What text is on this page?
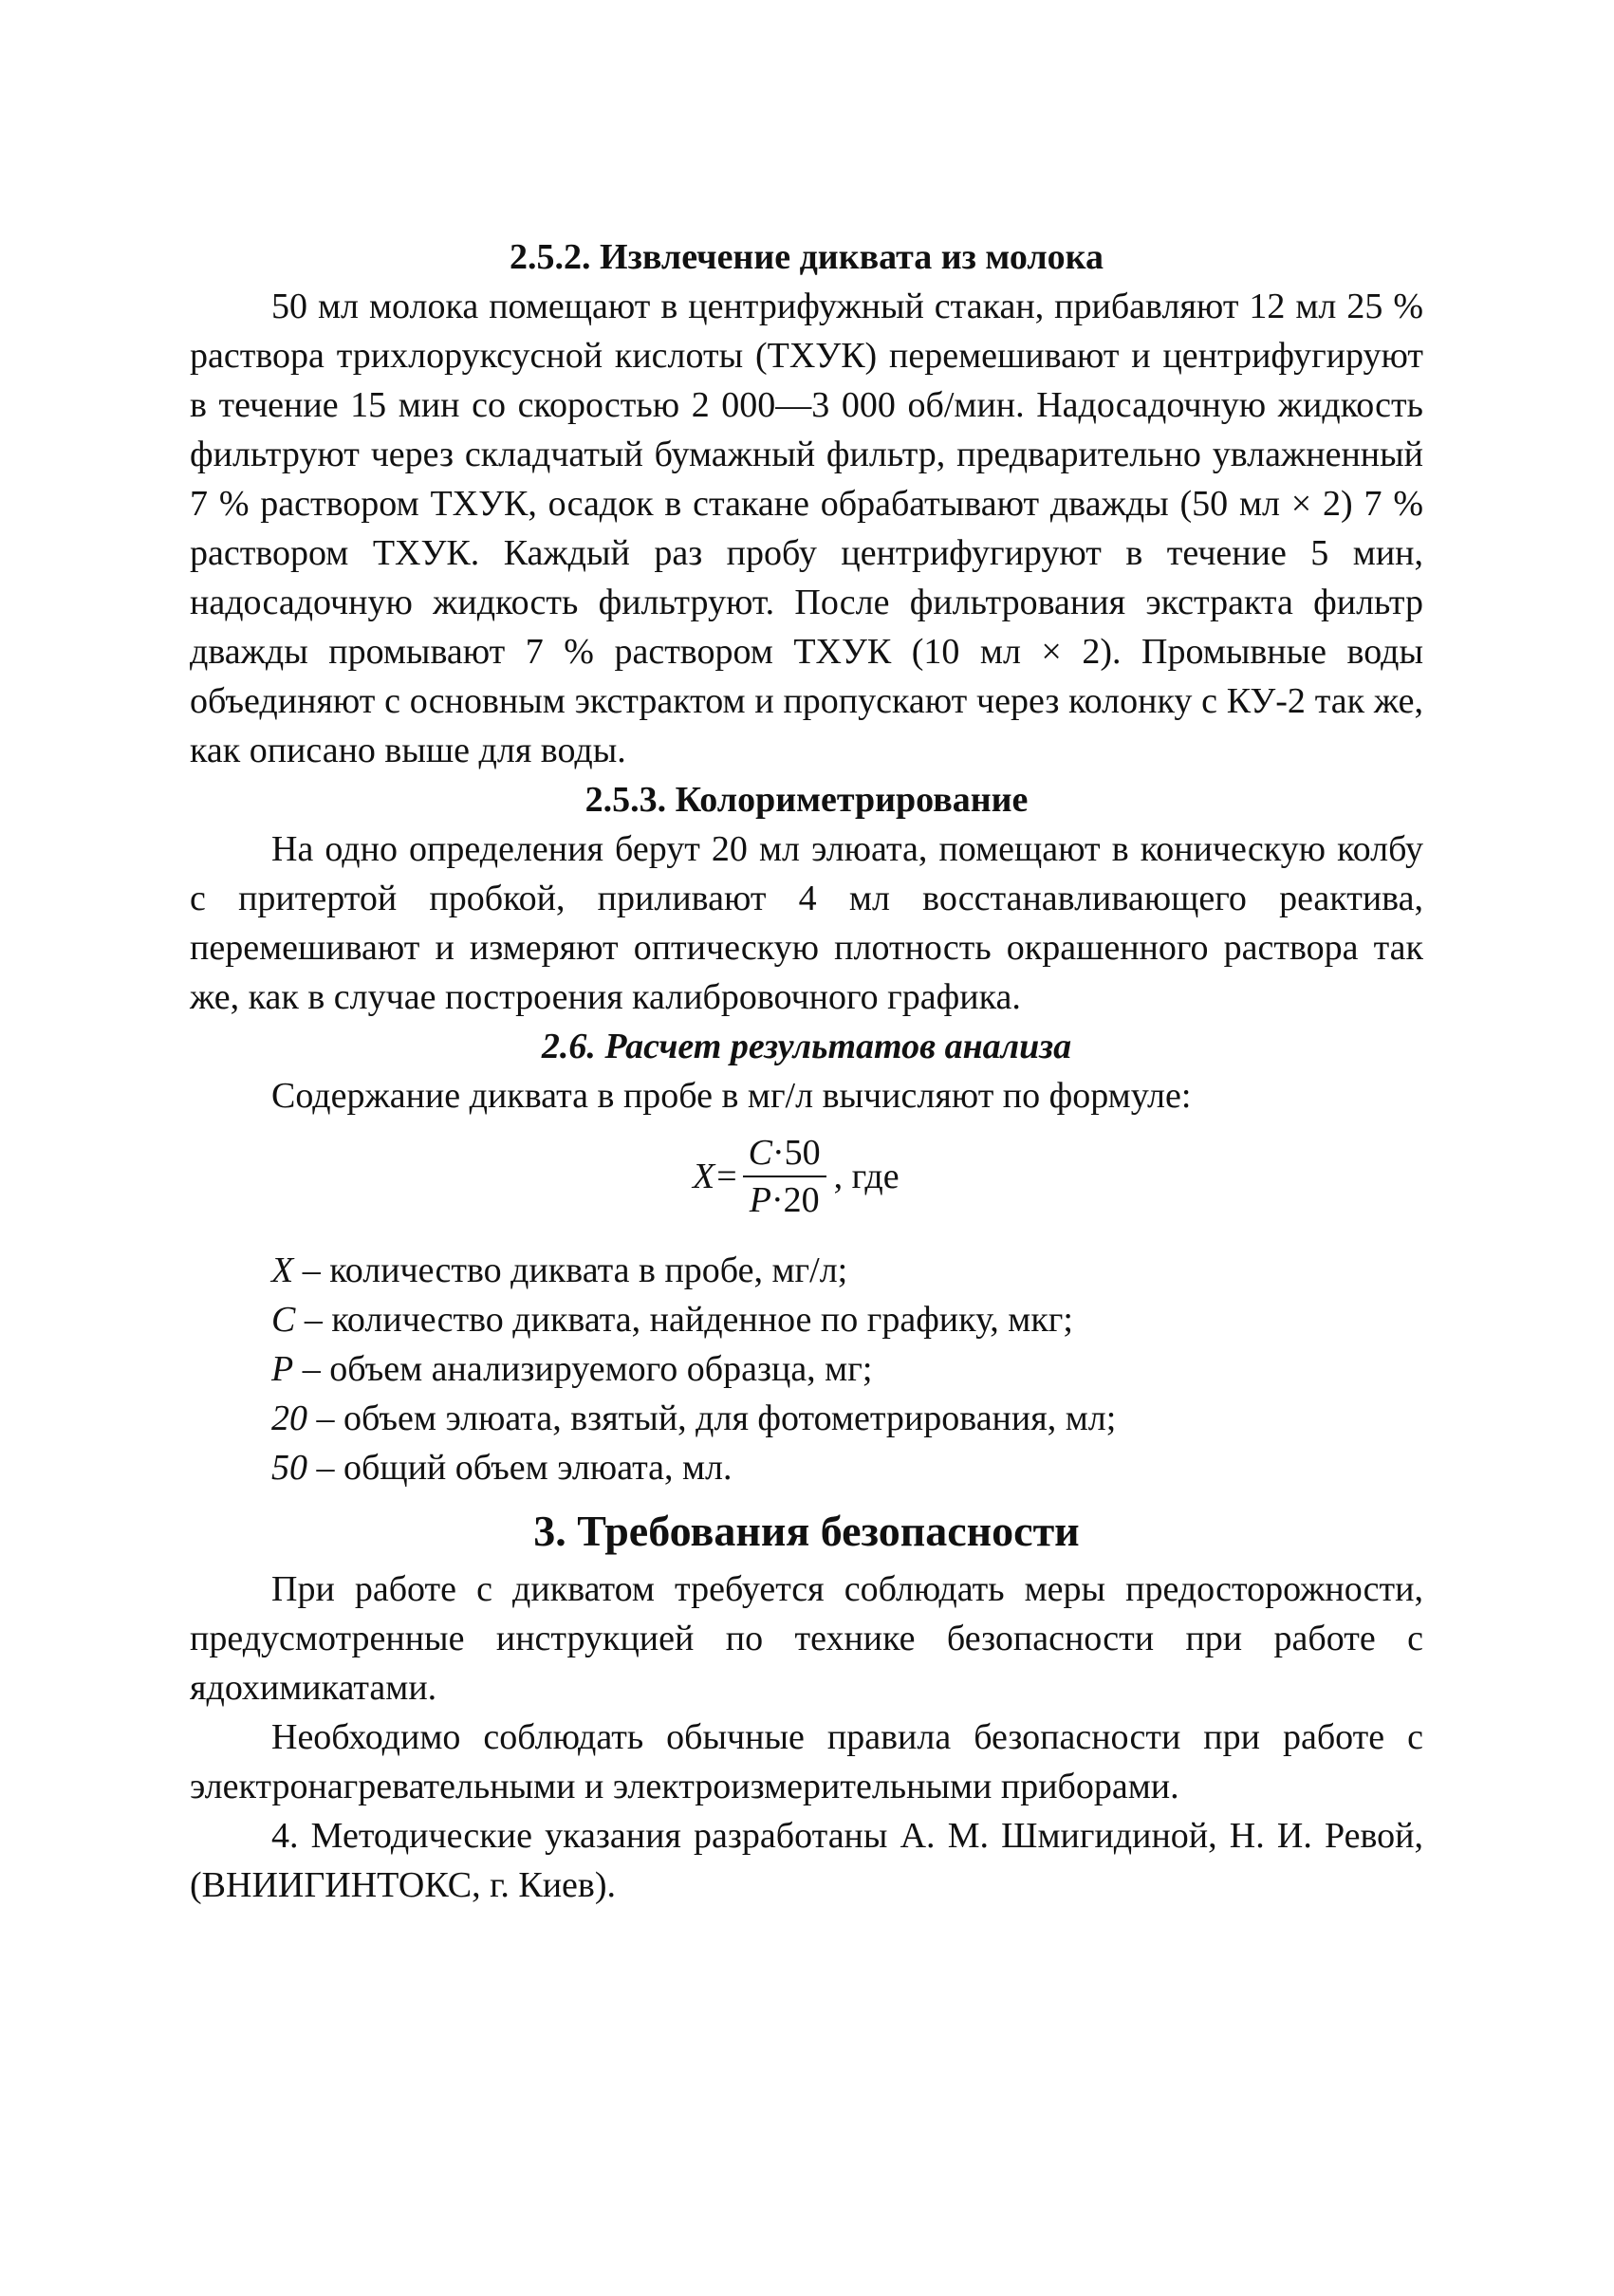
2.5.2. Извлечение диквата из молока

50 мл молока помещают в центрифужный стакан, прибавляют 12 мл 25 % раствора трихлоруксусной кислоты (ТХУК) перемешивают и центрифугируют в течение 15 мин со скоростью 2 000—3 000 об/мин. Надосадочную жидкость фильтруют через складчатый бумажный фильтр, предварительно увлажненный 7 % раствором ТХУК, осадок в стакане обрабатывают дважды (50 мл × 2) 7 % раствором ТХУК. Каждый раз пробу центрифугируют в течение 5 мин, надосадочную жидкость фильтруют. После фильтрования экстракта фильтр дважды промывают 7 % раствором ТХУК (10 мл × 2). Промывные воды объединяют с основным экстрактом и пропускают через колонку с КУ-2 так же, как описано выше для воды.

2.5.3. Колориметрирование

На одно определения берут 20 мл элюата, помещают в коническую колбу с притертой пробкой, приливают 4 мл восстанавливающего реактива, перемешивают и измеряют оптическую плотность окрашенного раствора так же, как в случае построения калибровочного графика.

2.6. Расчет результатов анализа

Содержание диквата в пробе в мг/л вычисляют по формуле:

$X = \frac{C\cdot 50}{P\cdot 20}$ , где
X – количество диквата в пробе, мг/л;
C – количество диквата, найденное по графику, мкг;
P – объем анализируемого образца, мг;
20 – объем элюата, взятый, для фотометрирования, мл;
50 – общий объем элюата, мл.
3. Требования безопасности

При работе с дикватом требуется соблюдать меры предосторожности, предусмотренные инструкцией по технике безопасности при работе с ядохимикатами.

Необходимо соблюдать обычные правила безопасности при работе с электронагревательными и электроизмерительными приборами.

4. Методические указания разработаны А. М. Шмигидиной, Н. И. Ревой, (ВНИИГИНТОКС, г. Киев).
